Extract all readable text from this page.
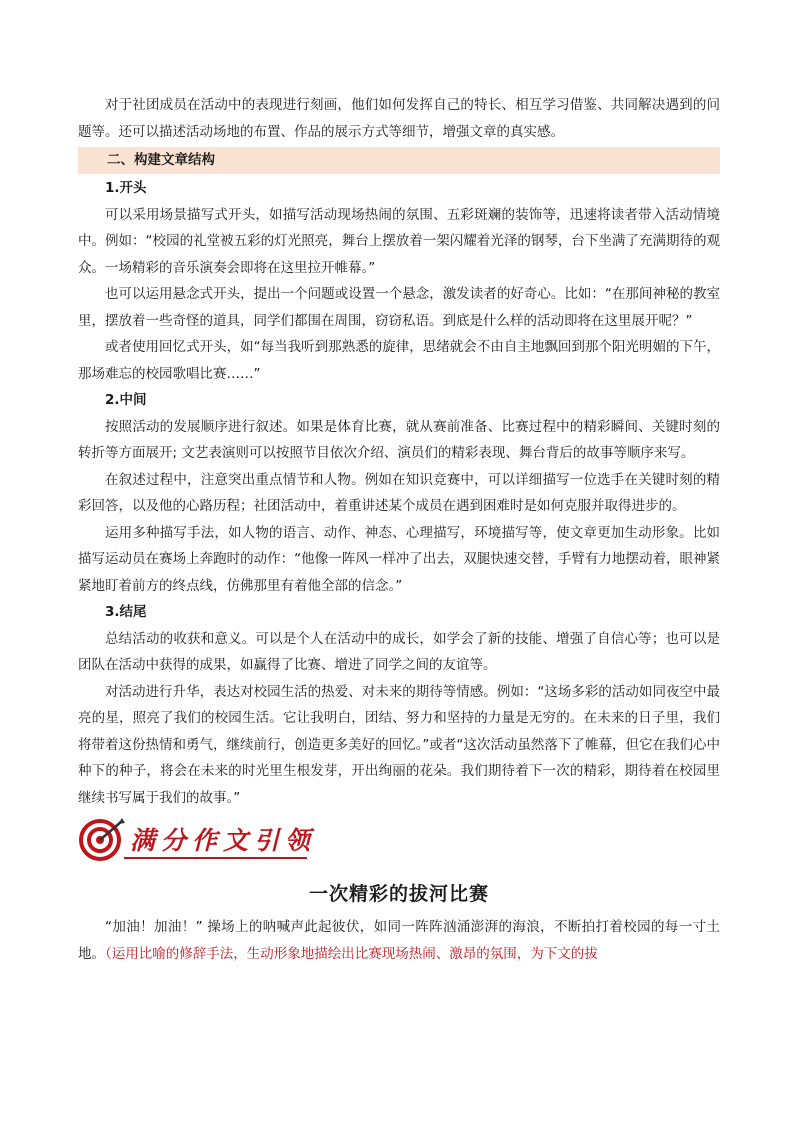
对于社团成员在活动中的表现进行刻画，他们如何发挥自己的特长、相互学习借鉴、共同解决遇到的问题等。还可以描述活动场地的布置、作品的展示方式等细节，增强文章的真实感。

二、构建文章结构
1.开头

可以采用场景描写式开头，如描写活动现场热闹的氛围、五彩斑斓的装饰等，迅速将读者带入活动情境中。例如：“校园的礼堂被五彩的灯光照亮，舞台上摆放着一架闪耀着光泽的钢琴，台下坐满了充满期待的观众。一场精彩的音乐演奏会即将在这里拉开帷幕。”

也可以运用悬念式开头，提出一个问题或设置一个悬念，激发读者的好奇心。比如：“在那间神秘的教室里，摆放着一些奇怪的道具，同学们都围在周围，窃窃私语。到底是什么样的活动即将在这里展开呢？”

或者使用回忆式开头，如“每当我听到那熟悉的旋律，思绪就会不由自主地飘回到那个阳光明媚的下午，那场难忘的校园歌唱比赛……”

2.中间

按照活动的发展顺序进行叙述。如果是体育比赛，就从赛前准备、比赛过程中的精彩瞬间、关键时刻的转折等方面展开; 文艺表演则可以按照节目依次介绍、演员们的精彩表现、舞台背后的故事等顺序来写。

在叙述过程中，注意突出重点情节和人物。例如在知识竞赛中，可以详细描写一位选手在关键时刻的精彩回答，以及他的心路历程；社团活动中，着重讲述某个成员在遇到困难时是如何克服并取得进步的。

运用多种描写手法，如人物的语言、动作、神态、心理描写，环境描写等，使文章更加生动形象。比如描写运动员在赛场上奔跑时的动作：“他像一阵风一样冲了出去，双腿快速交替，手臂有力地摆动着，眼神紧紧地盯着前方的终点线，仿佛那里有着他全部的信念。”

3.结尾

总结活动的收获和意义。可以是个人在活动中的成长，如学会了新的技能、增强了自信心等；也可以是团队在活动中获得的成果，如赢得了比赛、增进了同学之间的友谊等。

对活动进行升华，表达对校园生活的热爱、对未来的期待等情感。例如：“这场多彩的活动如同夜空中最亮的星，照亮了我们的校园生活。它让我明白，团结、努力和坚持的力量是无穷的。在未来的日子里，我们将带着这份热情和勇气，继续前行，创造更多美好的回忆。”或者“这次活动虽然落下了帷幕，但它在我们心中种下的种子，将会在未来的时光里生根发芽，开出绚丽的花朵。我们期待着下一次的精彩，期待着在校园里继续书写属于我们的故事。”

满分作文引领
一次精彩的拔河比赛

“加油！加油！” 操场上的呐喊声此起彼伏，如同一阵阵汹涌澎湃的海浪，不断拍打着校园的每一寸土地。（运用比喻的修辞手法，生动形象地描绘出比赛现场热闹、激昂的氛围，为下文的拔
